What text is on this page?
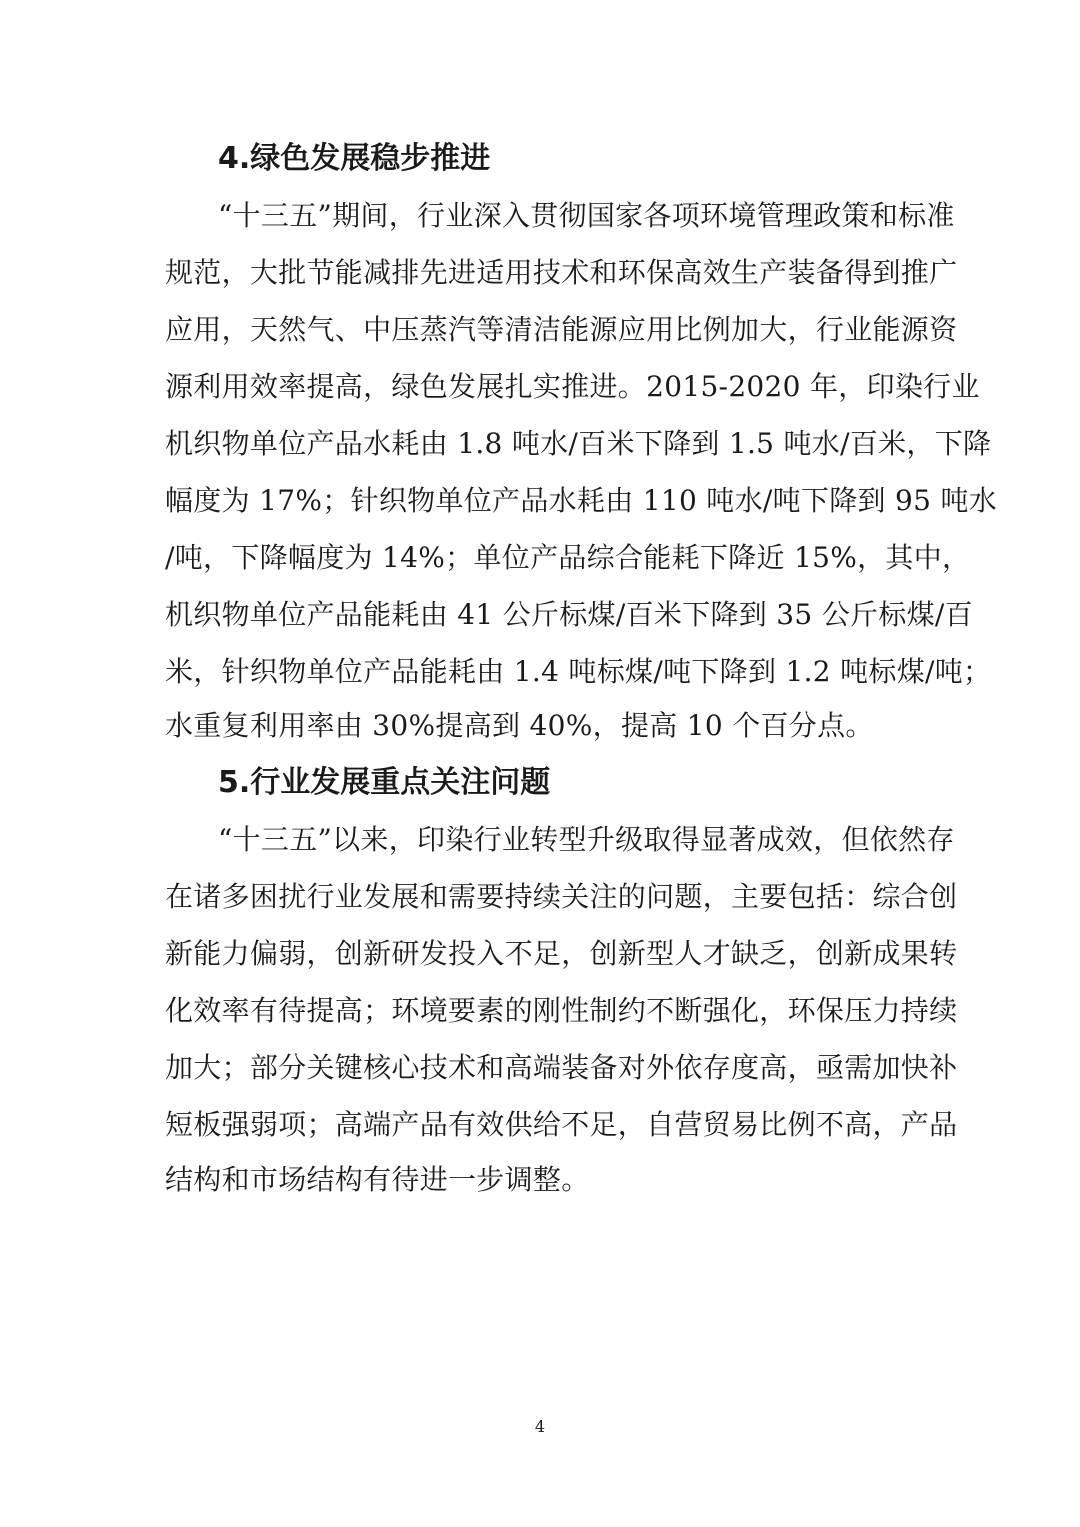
4.绿色发展稳步推进
“十三五”期间，行业深入贯彻国家各项环境管理政策和标准
规范，大批节能减排先进适用技术和环保高效生产装备得到推广
应用，天然气、中压蒸汽等清洁能源应用比例加大，行业能源资
源利用效率提高，绿色发展扎实推进。2015-2020 年，印染行业
机织物单位产品水耗由 1.8 吨水/百米下降到 1.5 吨水/百米，下降
幅度为 17%；针织物单位产品水耗由 110 吨水/吨下降到 95 吨水
/吨，下降幅度为 14%；单位产品综合能耗下降近 15%，其中，
机织物单位产品能耗由 41 公斤标煤/百米下降到 35 公斤标煤/百
米，针织物单位产品能耗由 1.4 吨标煤/吨下降到 1.2 吨标煤/吨；
水重复利用率由 30%提高到 40%，提高 10 个百分点。
5.行业发展重点关注问题
“十三五”以来，印染行业转型升级取得显著成效，但依然存
在诸多困扰行业发展和需要持续关注的问题，主要包括：综合创
新能力偏弱，创新研发投入不足，创新型人才缺乏，创新成果转
化效率有待提高；环境要素的刚性制约不断强化，环保压力持续
加大；部分关键核心技术和高端装备对外依存度高，亟需加快补
短板强弱项；高端产品有效供给不足，自营贸易比例不高，产品
结构和市场结构有待进一步调整。
4
